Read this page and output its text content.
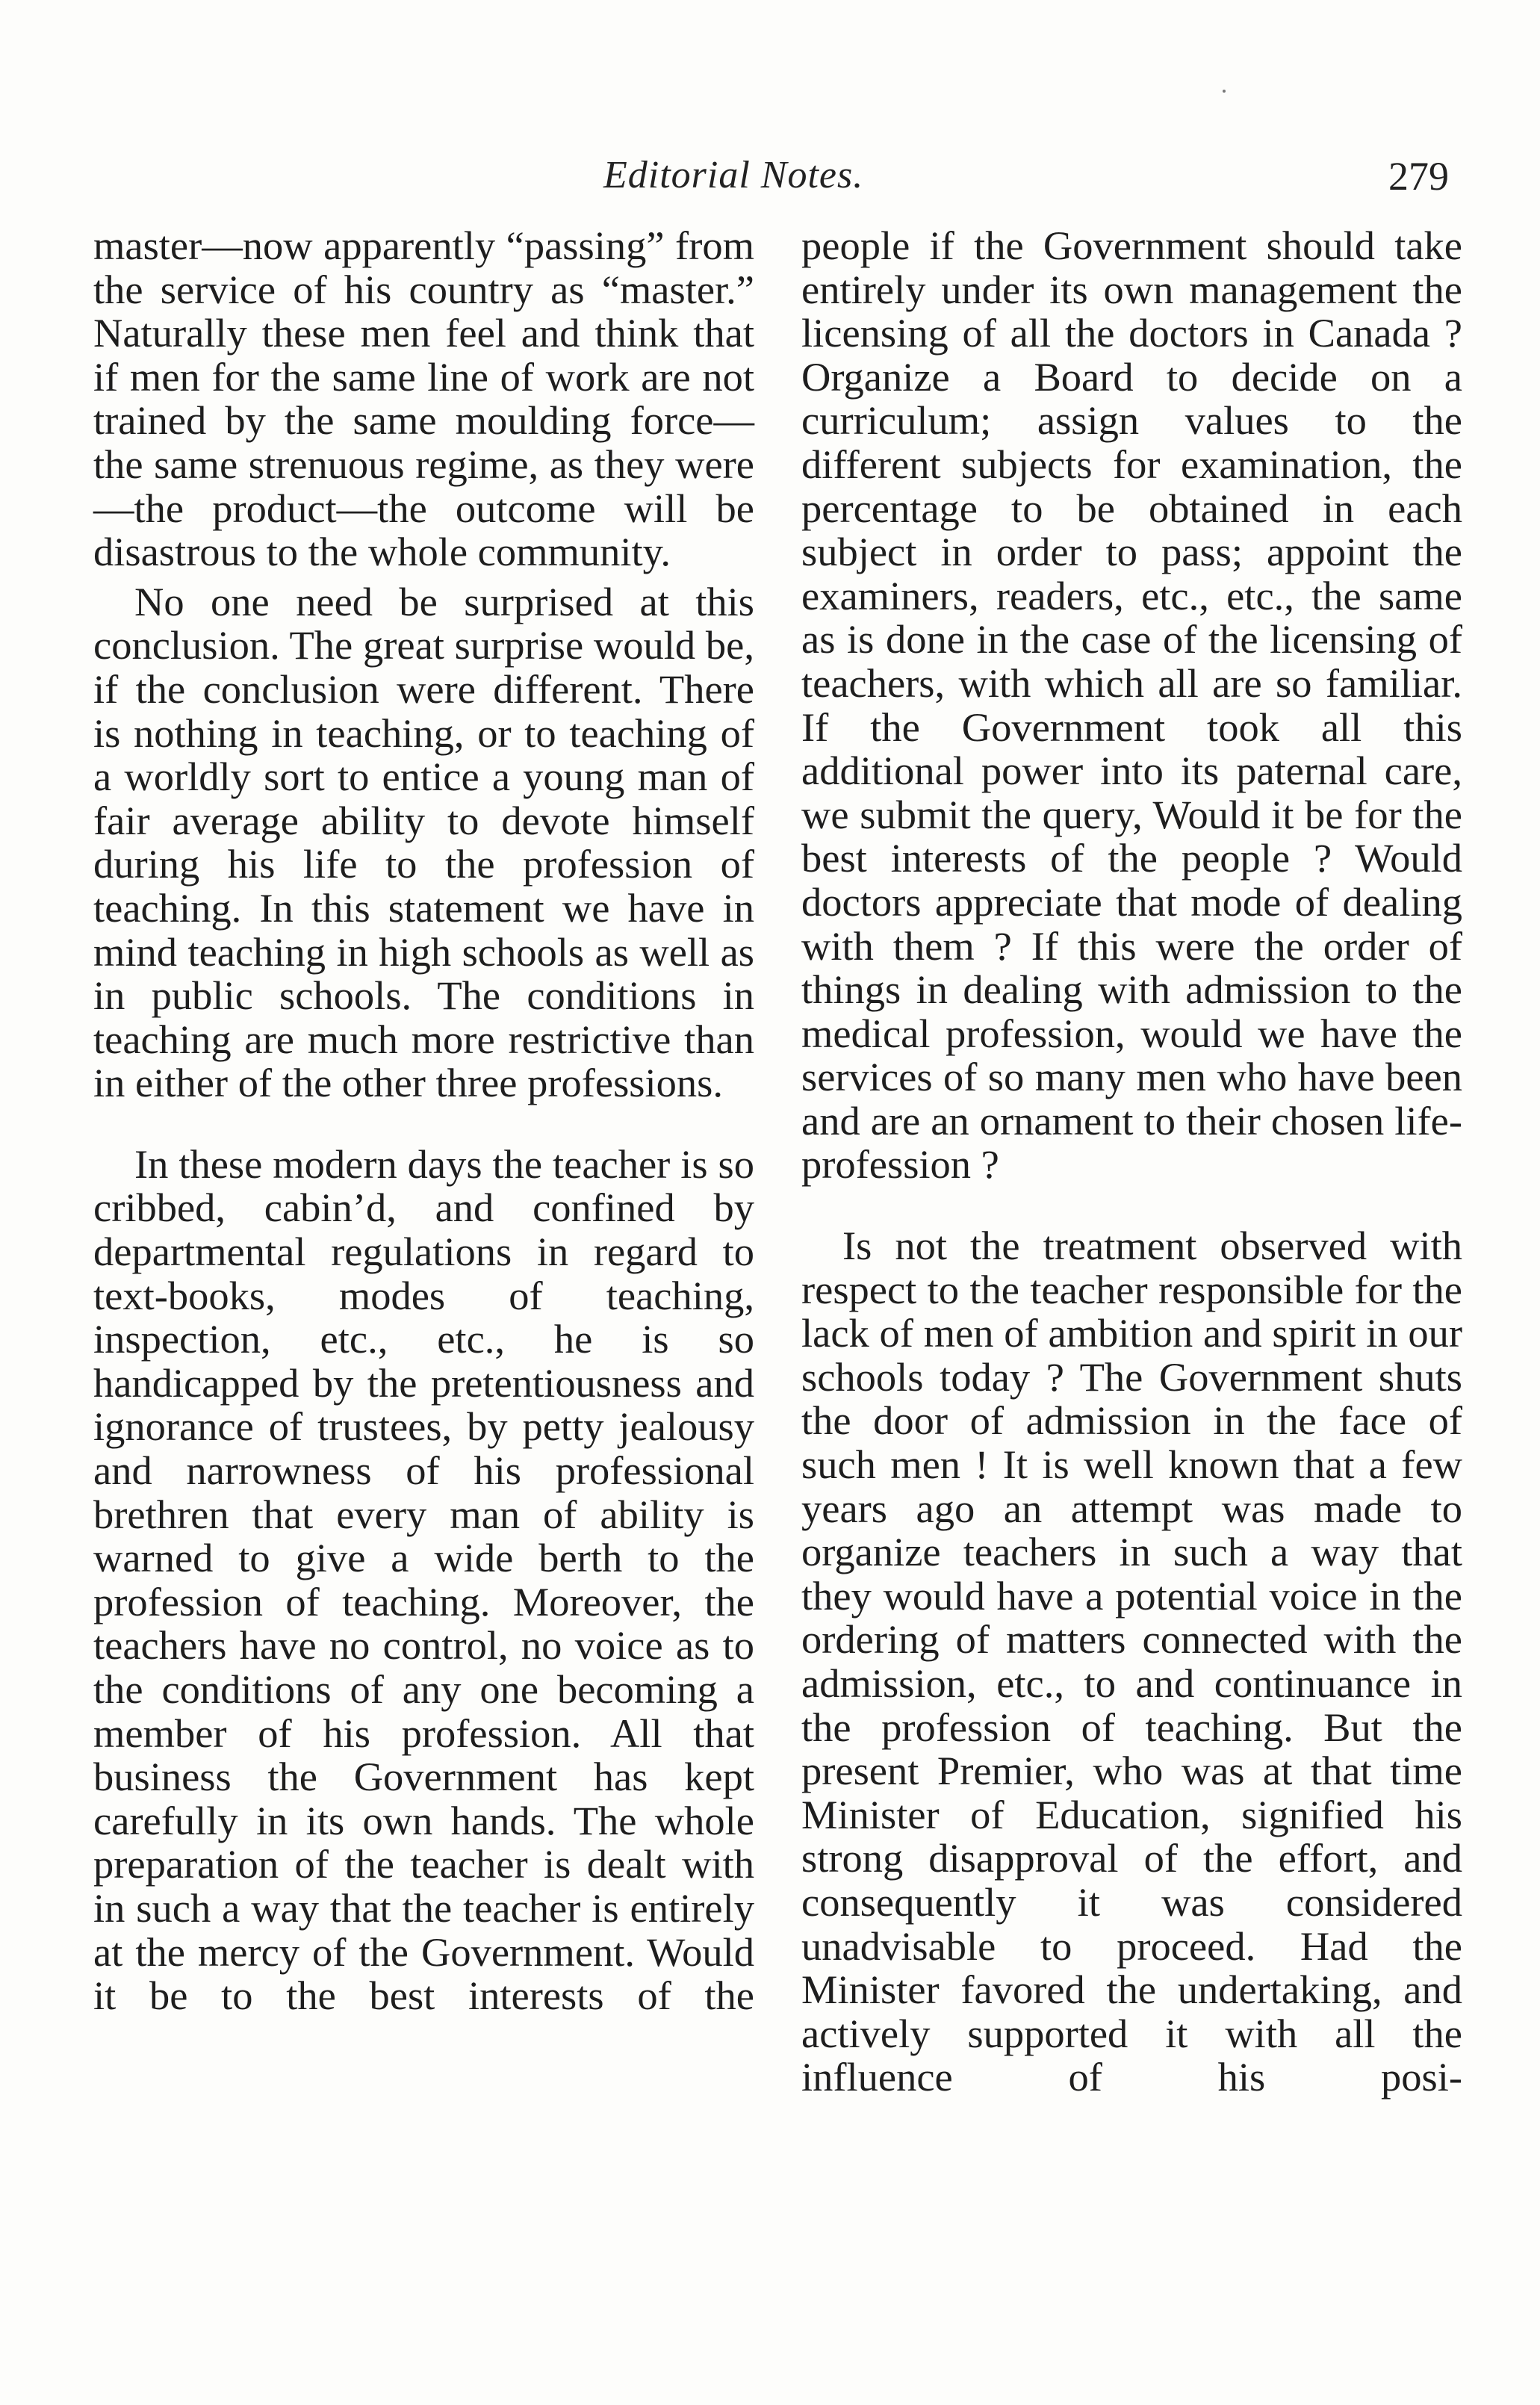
Editorial Notes.	279

master—now apparently “passing” from the service of his country as “master.” Naturally these men feel and think that if men for the same line of work are not trained by the same moulding force—the same strenuous regime, as they were—the product—the outcome will be disastrous to the whole community.

No one need be surprised at this conclusion. The great surprise would be, if the conclusion were different. There is nothing in teaching, or to teaching of a worldly sort to entice a young man of fair average ability to devote himself during his life to the profession of teaching. In this statement we have in mind teaching in high schools as well as in public schools. The conditions in teaching are much more restrictive than in either of the other three professions.

In these modern days the teacher is so cribbed, cabin’d, and confined by departmental regulations in regard to text-books, modes of teaching, inspection, etc., etc., he is so handicapped by the pretentiousness and ignorance of trustees, by petty jealousy and narrowness of his professional brethren that every man of ability is warned to give a wide berth to the profession of teaching. Moreover, the teachers have no control, no voice as to the conditions of any one becoming a member of his profession. All that business the Government has kept carefully in its own hands. The whole preparation of the teacher is dealt with in such a way that the teacher is entirely at the mercy of the Government. Would it be to the best interests of the

people if the Government should take entirely under its own management the licensing of all the doctors in Canada ? Organize a Board to decide on a curriculum; assign values to the different subjects for examination, the percentage to be obtained in each subject in order to pass; appoint the examiners, readers, etc., etc., the same as is done in the case of the licensing of teachers, with which all are so familiar. If the Government took all this additional power into its paternal care, we submit the query, Would it be for the best interests of the people ? Would doctors appreciate that mode of dealing with them ? If this were the order of things in dealing with admission to the medical profession, would we have the services of so many men who have been and are an ornament to their chosen life-profession ?

Is not the treatment observed with respect to the teacher responsible for the lack of men of ambition and spirit in our schools today ? The Government shuts the door of admission in the face of such men ! It is well known that a few years ago an attempt was made to organize teachers in such a way that they would have a potential voice in the ordering of matters connected with the admission, etc., to and continuance in the profession of teaching. But the present Premier, who was at that time Minister of Education, signified his strong disapproval of the effort, and consequently it was considered unadvisable to proceed. Had the Minister favored the undertaking, and actively supported it with all the influence of his posi-
